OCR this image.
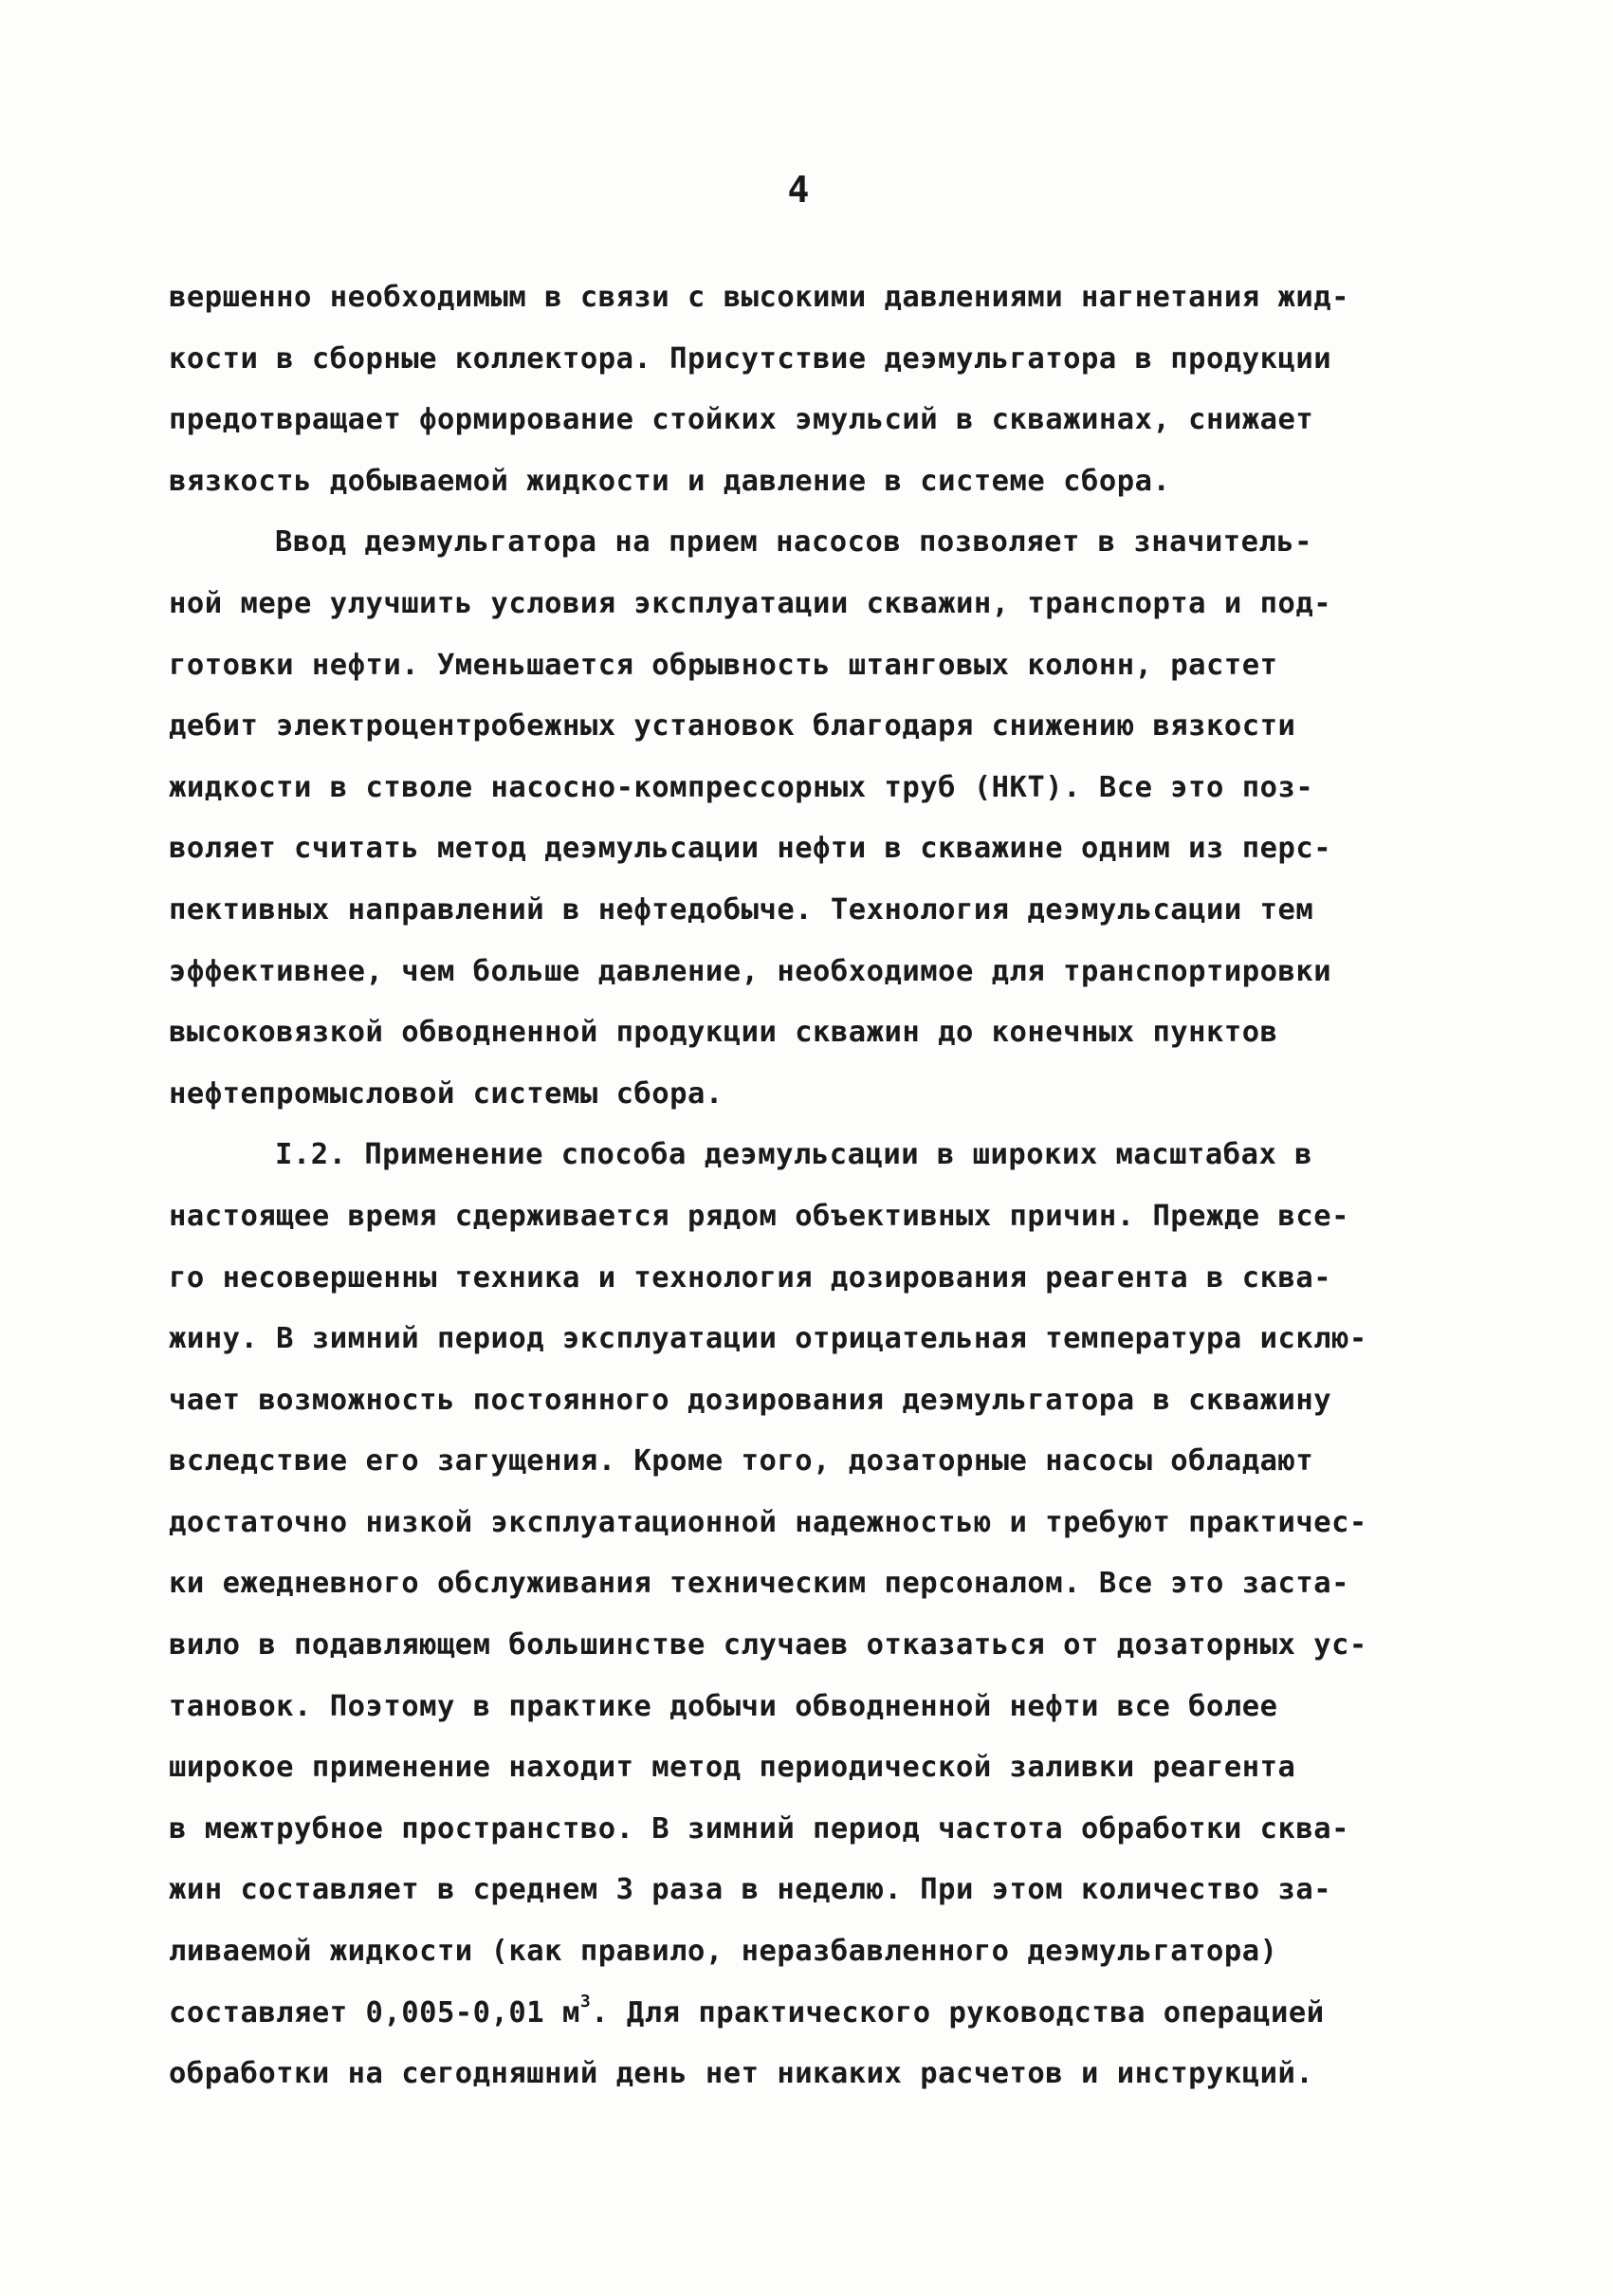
4
вершенно необходимым в связи с высокими давлениями нагнетания жид-
кости в сборные коллектора. Присутствие деэмульгатора в продукции
предотвращает формирование стойких эмульсий в скважинах, снижает
вязкость добываемой жидкости и давление в системе сбора.
Ввод деэмульгатора на прием насосов позволяет в значитель-
ной мере улучшить условия эксплуатации скважин, транспорта и под-
готовки нефти. Уменьшается обрывность штанговых колонн, растет
дебит электроцентробежных установок благодаря снижению вязкости
жидкости в стволе насосно-компрессорных труб (НКТ). Все это поз-
воляет считать метод деэмульсации нефти в скважине одним из перс-
пективных направлений в нефтедобыче. Технология деэмульсации тем
эффективнее, чем больше давление, необходимое для транспортировки
высоковязкой обводненной продукции скважин до конечных пунктов
нефтепромысловой системы сбора.
I.2. Применение способа деэмульсации в широких масштабах в
настоящее время сдерживается рядом объективных причин. Прежде все-
го несовершенны техника и технология дозирования реагента в сква-
жину. В зимний период эксплуатации отрицательная температура исклю-
чает возможность постоянного дозирования деэмульгатора в скважину
вследствие его загущения. Кроме того, дозаторные насосы обладают
достаточно низкой эксплуатационной надежностью и требуют практичес-
ки ежедневного обслуживания техническим персоналом. Все это заста-
вило в подавляющем большинстве случаев отказаться от дозаторных ус-
тановок. Поэтому в практике добычи обводненной нефти все более
широкое применение находит метод периодической заливки реагента
в межтрубное пространство. В зимний период частота обработки сква-
жин составляет в среднем 3 раза в неделю. При этом количество за-
ливаемой жидкости (как правило, неразбавленного деэмульгатора)
составляет 0,005-0,01 $м^3$. Для практического руководства операцией
обработки на сегодняшний день нет никаких расчетов и инструкций.
